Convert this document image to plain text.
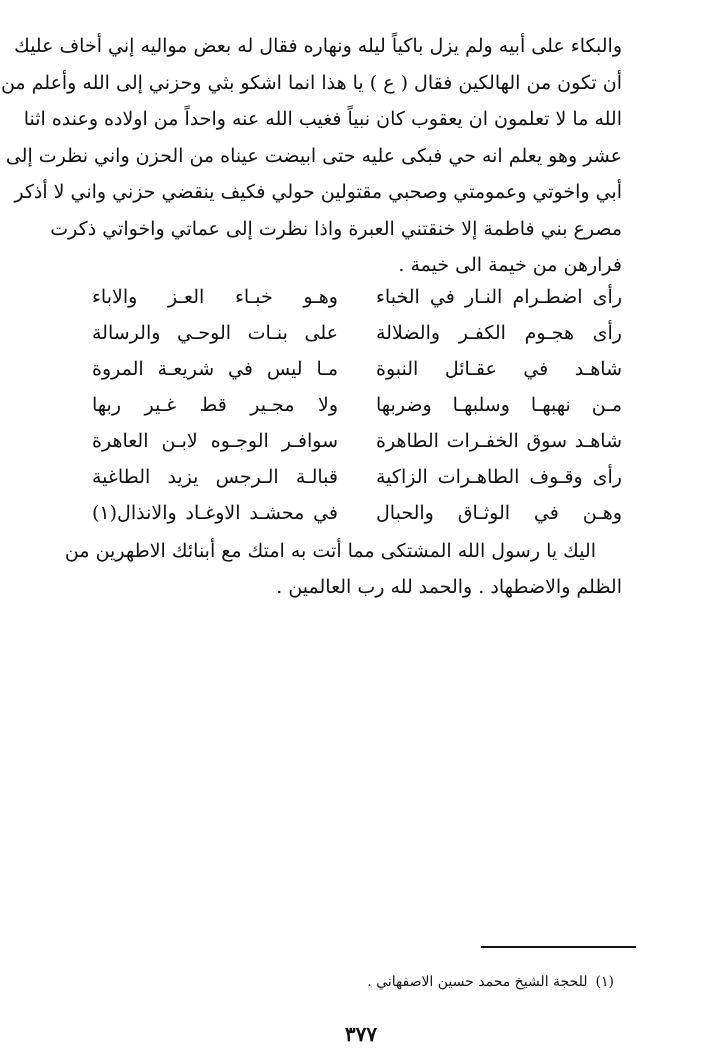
والبكاء على أبيه ولم يزل باكياً ليله ونهاره فقال له بعض مواليه إني أخاف عليك
أن تكون من الهالكين فقال ( ع ) يا هذا انما اشكو بثي وحزني إلى الله وأعلم من
الله ما لا تعلمون ان يعقوب كان نبياً فغيب الله عنه واحداً من اولاده وعنده اثنا
عشر وهو يعلم انه حي فبكى عليه حتى ابيضت عيناه من الحزن واني نظرت إلى
أبي واخوتي وعمومتي وصحبي مقتولين حولي فكيف ينقضي حزني واني لا أذكر
مصرع بني فاطمة إلا خنقتني العبرة واذا نظرت إلى عماتي واخواتي ذكرت
فرارهن من خيمة الى خيمة .
رأى اضطـرام النـار في الخباء
وهـو خبـاء العـز والاباء
رأى هجـوم الكفـر والضلالة
على بنـات الوحـي والرسالة
شاهـد في عقـائل النبوة
مـا ليس في شريعـة المروة
مـن نهبهـا وسلبهـا وضربها
ولا مجـير قط غـير ربها
شاهـد سوق الخفـرات الطاهرة
سوافـر الوجـوه لابـن العاهرة
رأى وقـوف الطاهـرات الزاكية
قبالـة الـرجس يزيد الطاغية
وهـن في الوثـاق والحبال
في محشـد الاوغـاد والانذال(١)
اليك يا رسول الله المشتكى مما أتت به امتك مع أبنائك الاطهرين من
الظلم والاضطهاد . والحمد لله رب العالمين .
(١)للحجة الشيخ محمد حسين الاصفهاني .
٣٧٧
